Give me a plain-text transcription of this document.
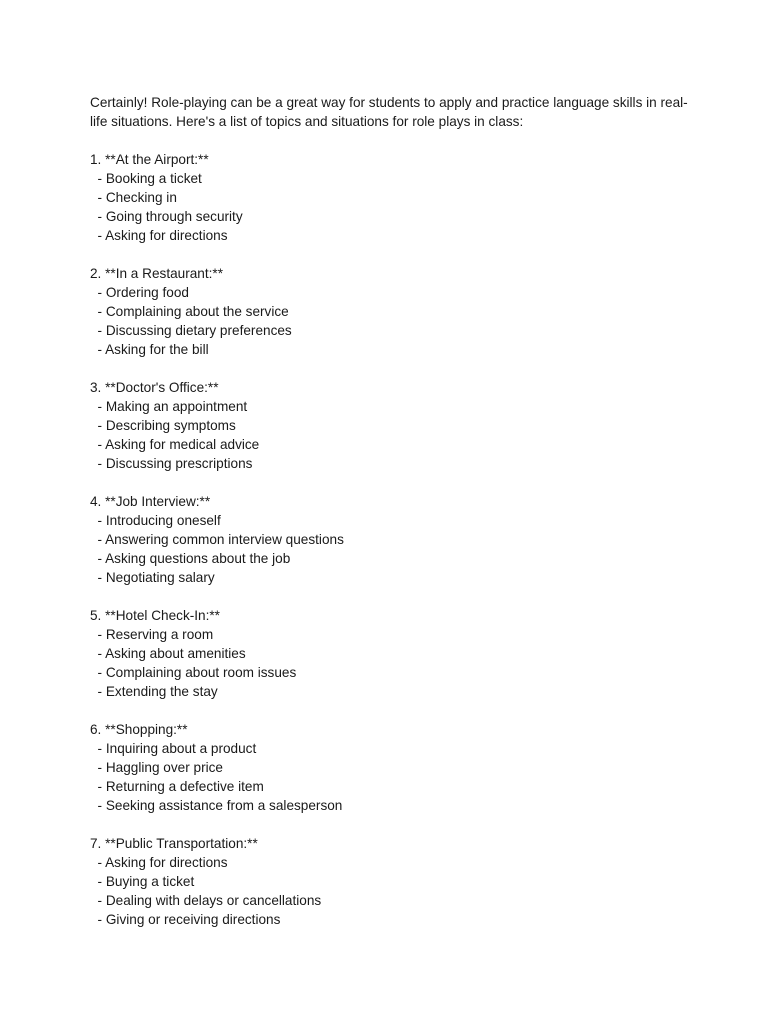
Certainly! Role-playing can be a great way for students to apply and practice language skills in real-life situations. Here's a list of topics and situations for role plays in class:

1. **At the Airport:**
- Booking a ticket
- Checking in
- Going through security
- Asking for directions
2. **In a Restaurant:**
- Ordering food
- Complaining about the service
- Discussing dietary preferences
- Asking for the bill
3. **Doctor's Office:**
- Making an appointment
- Describing symptoms
- Asking for medical advice
- Discussing prescriptions
4. **Job Interview:**
- Introducing oneself
- Answering common interview questions
- Asking questions about the job
- Negotiating salary
5. **Hotel Check-In:**
- Reserving a room
- Asking about amenities
- Complaining about room issues
- Extending the stay
6. **Shopping:**
- Inquiring about a product
- Haggling over price
- Returning a defective item
- Seeking assistance from a salesperson
7. **Public Transportation:**
- Asking for directions
- Buying a ticket
- Dealing with delays or cancellations
- Giving or receiving directions
